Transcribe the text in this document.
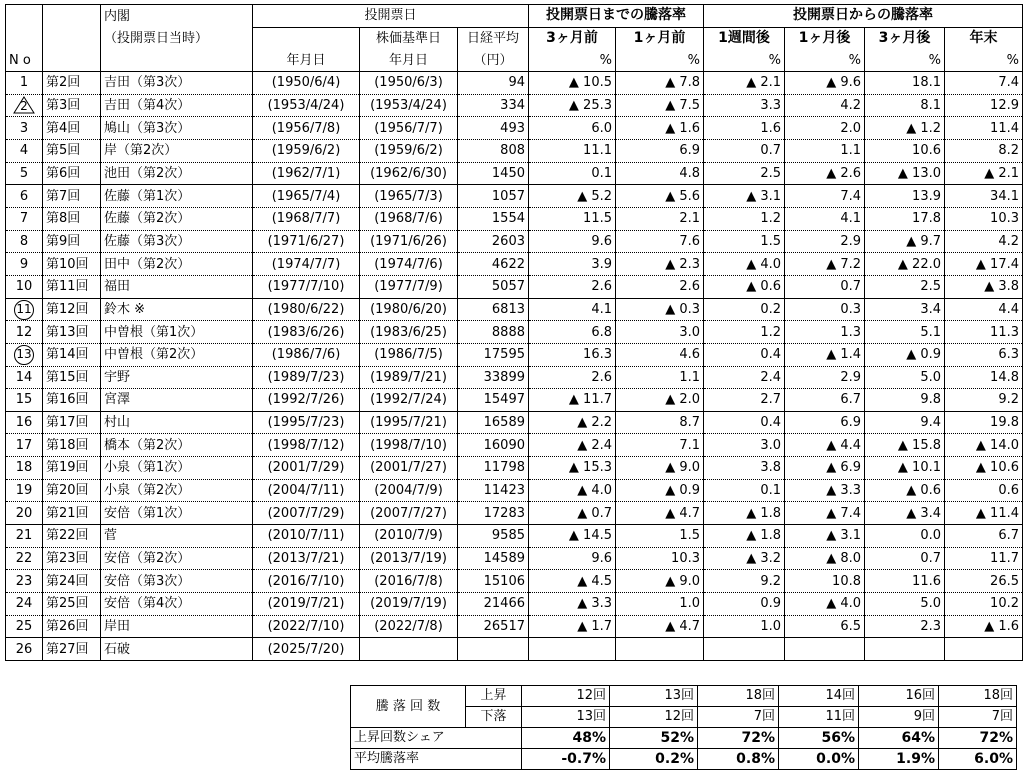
		内閣	投開票日			投開票日までの騰落率		投開票日からの騰落率			
		（投開票日当時）		株価基準日	日経平均	3ヶ月前	1ヶ月前	1週間後	1ヶ月後	3ヶ月後	年末
N o			年月日	年月日	（円）	%	%	%	%	%	%
1	第2回	吉田（第3次）	(1950/6/4)	(1950/6/3)	94	▲ 10.5	▲ 7.8	▲ 2.1	▲ 9.6	18.1	7.4

2	第3回	吉田（第4次）	(1953/4/24)	(1953/4/24)	334	▲ 25.3	▲ 7.5	3.3	4.2	8.1	12.9
3	第4回	鳩山（第3次）	(1956/7/8)	(1956/7/7)	493	6.0	▲ 1.6	1.6	2.0	▲ 1.2	11.4
4	第5回	岸（第2次）	(1959/6/2)	(1959/6/2)	808	11.1	6.9	0.7	1.1	10.6	8.2
5	第6回	池田（第2次）	(1962/7/1)	(1962/6/30)	1450	0.1	4.8	2.5	▲ 2.6	▲ 13.0	▲ 2.1
6	第7回	佐藤（第1次）	(1965/7/4)	(1965/7/3)	1057	▲ 5.2	▲ 5.6	▲ 3.1	7.4	13.9	34.1
7	第8回	佐藤（第2次）	(1968/7/7)	(1968/7/6)	1554	11.5	2.1	1.2	4.1	17.8	10.3
8	第9回	佐藤（第3次）	(1971/6/27)	(1971/6/26)	2603	9.6	7.6	1.5	2.9	▲ 9.7	4.2
9	第10回	田中（第2次）	(1974/7/7)	(1974/7/6)	4622	3.9	▲ 2.3	▲ 4.0	▲ 7.2	▲ 22.0	▲ 17.4
10	第11回	福田	(1977/7/10)	(1977/7/9)	5057	2.6	2.6	▲ 0.6	0.7	2.5	▲ 3.8
11	第12回	鈴木 ※	(1980/6/22)	(1980/6/20)	6813	4.1	▲ 0.3	0.2	0.3	3.4	4.4
12	第13回	中曽根（第1次）	(1983/6/26)	(1983/6/25)	8888	6.8	3.0	1.2	1.3	5.1	11.3
13	第14回	中曽根（第2次）	(1986/7/6)	(1986/7/5)	17595	16.3	4.6	0.4	▲ 1.4	▲ 0.9	6.3
14	第15回	宇野	(1989/7/23)	(1989/7/21)	33899	2.6	1.1	2.4	2.9	5.0	14.8
15	第16回	宮澤	(1992/7/26)	(1992/7/24)	15497	▲ 11.7	▲ 2.0	2.7	6.7	9.8	9.2
16	第17回	村山	(1995/7/23)	(1995/7/21)	16589	▲ 2.2	8.7	0.4	6.9	9.4	19.8
17	第18回	橋本（第2次）	(1998/7/12)	(1998/7/10)	16090	▲ 2.4	7.1	3.0	▲ 4.4	▲ 15.8	▲ 14.0
18	第19回	小泉（第1次）	(2001/7/29)	(2001/7/27)	11798	▲ 15.3	▲ 9.0	3.8	▲ 6.9	▲ 10.1	▲ 10.6
19	第20回	小泉（第2次）	(2004/7/11)	(2004/7/9)	11423	▲ 4.0	▲ 0.9	0.1	▲ 3.3	▲ 0.6	0.6
20	第21回	安倍（第1次）	(2007/7/29)	(2007/7/27)	17283	▲ 0.7	▲ 4.7	▲ 1.8	▲ 7.4	▲ 3.4	▲ 11.4
21	第22回	菅	(2010/7/11)	(2010/7/9)	9585	▲ 14.5	1.5	▲ 1.8	▲ 3.1	0.0	6.7
22	第23回	安倍（第2次）	(2013/7/21)	(2013/7/19)	14589	9.6	10.3	▲ 3.2	▲ 8.0	0.7	11.7
23	第24回	安倍（第3次）	(2016/7/10)	(2016/7/8)	15106	▲ 4.5	▲ 9.0	9.2	10.8	11.6	26.5
24	第25回	安倍（第4次）	(2019/7/21)	(2019/7/19)	21466	▲ 3.3	1.0	0.9	▲ 4.0	5.0	10.2
25	第26回	岸田	(2022/7/10)	(2022/7/8)	26517	▲ 1.7	▲ 4.7	1.0	6.5	2.3	▲ 1.6
26	第27回	石破	(2025/7/20)								
騰 落 回 数	上昇	12回	13回	18回	14回	16回	18回
	下落	13回	12回	7回	11回	9回	7回
上昇回数シェア		48%	52%	72%	56%	64%	72%
平均騰落率		-0.7%	0.2%	0.8%	0.0%	1.9%	6.0%
